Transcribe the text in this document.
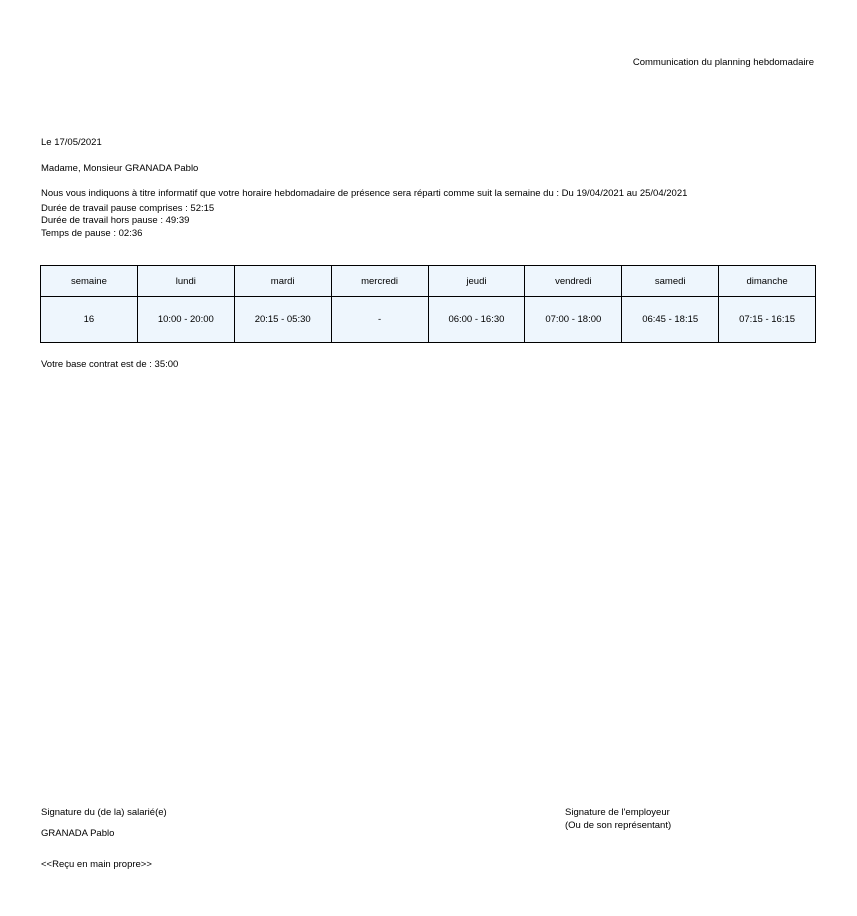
Communication du planning hebdomadaire
Le 17/05/2021
Madame, Monsieur GRANADA Pablo
Nous vous indiquons à titre informatif que votre horaire hebdomadaire de présence sera réparti comme suit la semaine du : Du 19/04/2021 au 25/04/2021
Durée de travail pause comprises : 52:15
Durée de travail hors pause : 49:39
Temps de pause : 02:36
semaine	lundi	mardi	mercredi	jeudi	vendredi	samedi	dimanche
16	10:00 - 20:00	20:15 - 05:30	-	06:00 - 16:30	07:00 - 18:00	06:45 - 18:15	07:15 - 16:15
Votre base contrat est de : 35:00
Signature du (de la) salarié(e)
GRANADA Pablo
<<Reçu en main propre>>
Signature de l'employeur
(Ou de son représentant)
